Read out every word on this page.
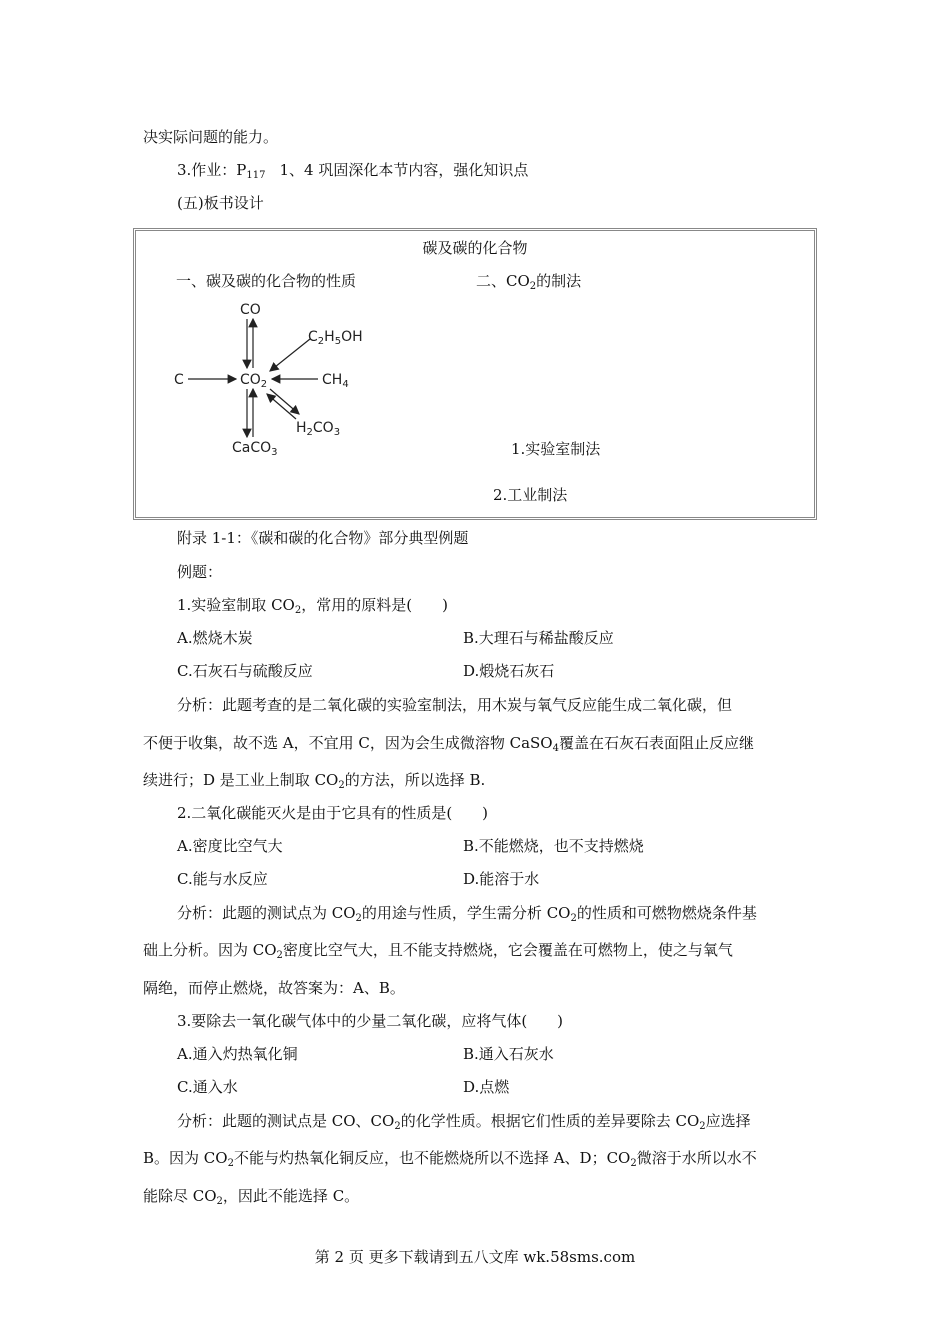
决实际问题的能力。
3.作业：$P_{117}$ 1、4 巩固深化本节内容，强化知识点
(五)板书设计
碳及碳的化合物
一、碳及碳的化合物的性质	二、$CO_2$的制法
CO
$C_2H_5OH$
C	$CO_2$	$CH_4$
$H_2CO_3$
CaCO$_3$	1.实验室制法
2.工业制法
附录 1-1：《碳和碳的化合物》部分典型例题
例题：
1.实验室制取 $CO_2$，常用的原料是(　　)
A.燃烧木炭	B.大理石与稀盐酸反应
C.石灰石与硫酸反应	D.煅烧石灰石
分析：此题考查的是二氧化碳的实验室制法，用木炭与氧气反应能生成二氧化碳，但
不便于收集，故不选 A，不宜用 C，因为会生成微溶物 CaSO$_4$覆盖在石灰石表面阻止反应继
续进行；D 是工业上制取 $CO_2$的方法，所以选择 B.
2.二氧化碳能灭火是由于它具有的性质是(　　)
A.密度比空气大	B.不能燃烧，也不支持燃烧
C.能与水反应	D.能溶于水
分析：此题的测试点为 $CO_2$的用途与性质，学生需分析 $CO_2$的性质和可燃物燃烧条件基
础上分析。因为 $CO_2$密度比空气大，且不能支持燃烧，它会覆盖在可燃物上，使之与氧气
隔绝，而停止燃烧，故答案为：A、B。
3.要除去一氧化碳气体中的少量二氧化碳，应将气体(　　)
A.通入灼热氧化铜	B.通入石灰水
C.通入水	D.点燃
分析：此题的测试点是 CO、$CO_2$的化学性质。根据它们性质的差异要除去 $CO_2$应选择
B。因为 $CO_2$不能与灼热氧化铜反应，也不能燃烧所以不选择 A、D；$CO_2$微溶于水所以水不
能除尽 $CO_2$，因此不能选择 C。
第 2 页 更多下载请到五八文库 wk.58sms.com
